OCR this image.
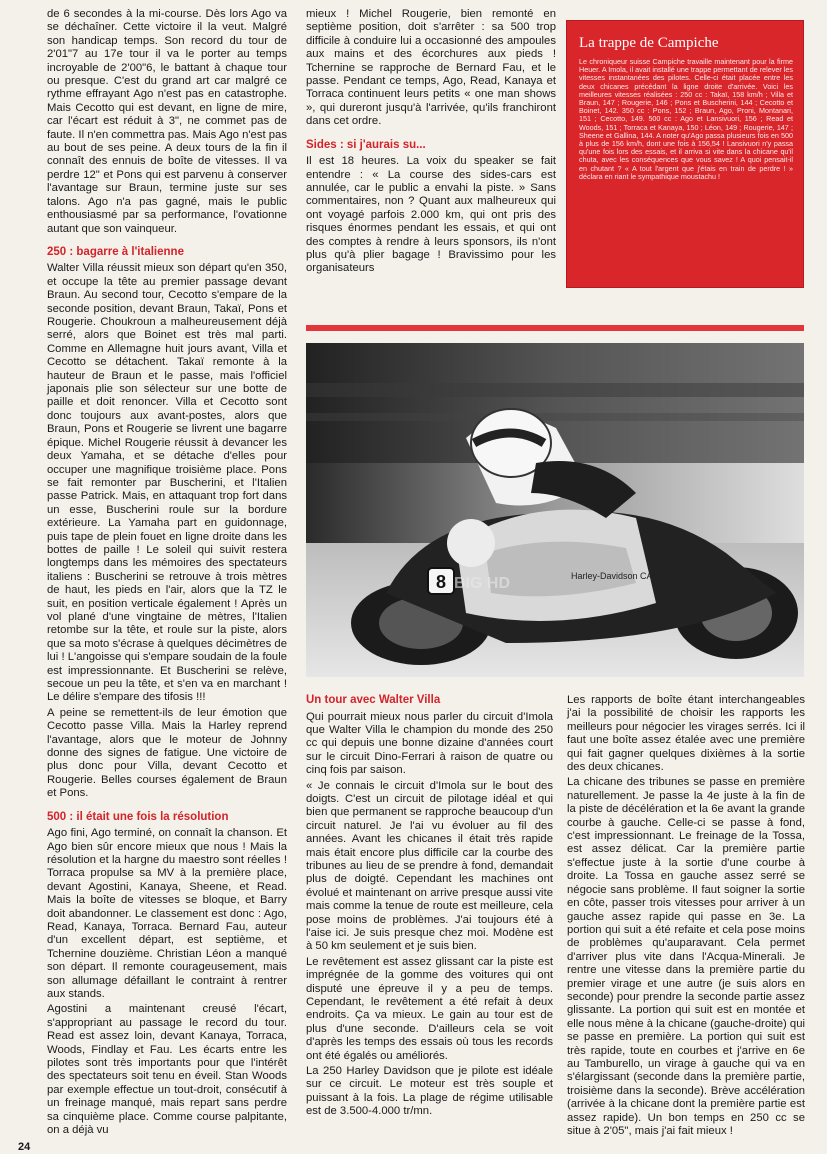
de 6 secondes à la mi-course. Dès lors Ago va se déchaîner. Cette victoire il la veut. Malgré son handicap temps. Son record du tour de 2'01"7 au 17e tour il va le porter au temps incroyable de 2'00"6, le battant à chaque tour ou presque. C'est du grand art car malgré ce rythme effrayant Ago n'est pas en catastrophe. Mais Cecotto qui est devant, en ligne de mire, car l'écart est réduit à 3", ne commet pas de faute. Il n'en commettra pas. Mais Ago n'est pas au bout de ses peine. A deux tours de la fin il connaît des ennuis de boîte de vitesses. Il va perdre 12" et Pons qui est parvenu à conserver l'avantage sur Braun, termine juste sur ses talons. Ago n'a pas gagné, mais le public enthousiasmé par sa performance, l'ovationne autant que son vainqueur.

250 : bagarre à l'italienne

Walter Villa réussit mieux son départ qu'en 350, et occupe la tête au premier passage devant Braun. Au second tour, Cecotto s'empare de la seconde position, devant Braun, Takaï, Pons et Rougerie. Choukroun a malheureusement déjà serré, alors que Boinet est très mal parti. Comme en Allemagne huit jours avant, Villa et Cecotto se détachent. Takaï remonte à la hauteur de Braun et le passe, mais l'officiel japonais plie son sélecteur sur une botte de paille et doit renoncer. Villa et Cecotto sont donc toujours aux avant-postes, alors que Braun, Pons et Rougerie se livrent une bagarre épique. Michel Rougerie réussit à devancer les deux Yamaha, et se détache d'elles pour occuper une magnifique troisième place. Pons se fait remonter par Buscherini, et l'Italien passe Patrick. Mais, en attaquant trop fort dans un esse, Buscherini roule sur la bordure extérieure. La Yamaha part en guidonnage, puis tape de plein fouet en ligne droite dans les bottes de paille ! Le soleil qui suivit restera longtemps dans les mémoires des spectateurs italiens : Buscherini se retrouve à trois mètres de haut, les pieds en l'air, alors que la TZ le suit, en position verticale également ! Après un vol plané d'une vingtaine de mètres, l'Italien retombe sur la tête, et roule sur la piste, alors que sa moto s'écrase à quelques décimètres de lui ! L'angoisse qui s'empare soudain de la foule est impressionnante. Et Buscherini se relève, secoue un peu la tête, et s'en va en marchant ! Le délire s'empare des tifosis !!!

A peine se remettent-ils de leur émotion que Cecotto passe Villa. Mais la Harley reprend l'avantage, alors que le moteur de Johnny donne des signes de fatigue. Une victoire de plus donc pour Villa, devant Cecotto et Rougerie. Belles courses également de Braun et Pons.

500 : il était une fois la résolution

Ago fini, Ago terminé, on connaît la chanson. Et Ago bien sûr encore mieux que nous ! Mais la résolution et la hargne du maestro sont réelles ! Torraca propulse sa MV à la première place, devant Agostini, Kanaya, Sheene, et Read. Mais la boîte de vitesses se bloque, et Barry doit abandonner. Le classement est donc : Ago, Read, Kanaya, Torraca. Bernard Fau, auteur d'un excellent départ, est septième, et Tchernine douzième. Christian Léon a manqué son départ. Il remonte courageusement, mais son allumage défaillant le contraint à rentrer aux stands.

Agostini a maintenant creusé l'écart, s'appropriant au passage le record du tour. Read est assez loin, devant Kanaya, Torraca, Woods, Findlay et Fau. Les écarts entre les pilotes sont très importants pour que l'intérêt des spectateurs soit tenu en éveil. Stan Woods par exemple effectue un tout-droit, consécutif à un freinage manqué, mais repart sans perdre sa cinquième place. Comme course palpitante, on a déjà vu

mieux ! Michel Rougerie, bien remonté en septième position, doit s'arrêter : sa 500 trop difficile à conduire lui a occasionné des ampoules aux mains et des écorchures aux pieds ! Tchernine se rapproche de Bernard Fau, et le passe. Pendant ce temps, Ago, Read, Kanaya et Torraca continuent leurs petits « one man shows », qui dureront jusqu'à l'arrivée, qu'ils franchiront dans cet ordre.

Sides : si j'aurais su...

Il est 18 heures. La voix du speaker se fait entendre : « La course des sides-cars est annulée, car le public a envahi la piste. » Sans commentaires, non ? Quant aux malheureux qui ont voyagé parfois 2.000 km, qui ont pris des risques énormes pendant les essais, et qui ont des comptes à rendre à leurs sponsors, ils n'ont plus qu'à plier bagage ! Bravissimo pour les organisateurs

La trappe de Campiche
Le chroniqueur suisse Campiche travaille maintenant pour la firme Heuer. A Imola, il avait installé une trappe permettant de relever les vitesses instantanées des pilotes. Celle-ci était placée entre les deux chicanes précédant la ligne droite d'arrivée. Voici les meilleures vitesses réalisées : 250 cc : Takaï, 158 km/h ; Villa et Braun, 147 ; Rougerie, 146 ; Pons et Buscherini, 144 ; Cecotto et Boinet, 142. 350 cc : Pons, 152 ; Braun, Ago, Proni, Montanari, 151 ; Cecotto, 149. 500 cc : Ago et Lansivuori, 156 ; Read et Woods, 151 ; Torraca et Kanaya, 150 ; Léon, 149 ; Rougerie, 147 ; Sheene et Gallina, 144. A noter qu'Ago passa plusieurs fois en 500 à plus de 156 km/h, dont une fois à 156,54 ! Lansivuori n'y passa qu'une fois lors des essais, et il arriva si vite dans la chicane qu'il chuta, avec les conséquences que vous savez ! A quoi pensait-il en chutant ? « A tout l'argent que j'étais en train de perdre ! » déclara en riant le sympathique moustachu !
8	Harley-Davidson CAMPAGNOLO
BIG HD
Un tour avec Walter Villa

Qui pourrait mieux nous parler du circuit d'Imola que Walter Villa le champion du monde des 250 cc qui depuis une bonne dizaine d'années court sur le circuit Dino-Ferrari à raison de quatre ou cinq fois par saison.

« Je connais le circuit d'Imola sur le bout des doigts. C'est un circuit de pilotage idéal et qui bien que permanent se rapproche beaucoup d'un circuit naturel. Je l'ai vu évoluer au fil des années. Avant les chicanes il était très rapide mais était encore plus difficile car la courbe des tribunes au lieu de se prendre à fond, demandait plus de doigté. Cependant les machines ont évolué et maintenant on arrive presque aussi vite mais comme la tenue de route est meilleure, cela pose moins de problèmes. J'ai toujours été à l'aise ici. Je suis presque chez moi. Modène est à 50 km seulement et je suis bien.

Le revêtement est assez glissant car la piste est imprégnée de la gomme des voitures qui ont disputé une épreuve il y a peu de temps. Cependant, le revêtement a été refait à deux endroits. Ça va mieux. Le gain au tour est de plus d'une seconde. D'ailleurs cela se voit d'après les temps des essais où tous les records ont été égalés ou améliorés.

La 250 Harley Davidson que je pilote est idéale sur ce circuit. Le moteur est très souple et puissant à la fois. La plage de régime utilisable est de 3.500-4.000 tr/mn.

Les rapports de boîte étant interchangeables j'ai la possibilité de choisir les rapports les meilleurs pour négocier les virages serrés. Ici il faut une boîte assez étalée avec une première qui fait gagner quelques dixièmes à la sortie des deux chicanes.

La chicane des tribunes se passe en première naturellement. Je passe la 4e juste à la fin de la piste de décélération et la 6e avant la grande courbe à gauche. Celle-ci se passe à fond, c'est impressionnant. Le freinage de la Tossa, est assez délicat. Car la première partie s'effectue juste à la sortie d'une courbe à droite. La Tossa en gauche assez serré se négocie sans problème. Il faut soigner la sortie en côte, passer trois vitesses pour arriver à un gauche assez rapide qui passe en 3e. La portion qui suit a été refaite et cela pose moins de problèmes qu'auparavant. Cela permet d'arriver plus vite dans l'Acqua-Minerali. Je rentre une vitesse dans la première partie du premier virage et une autre (je suis alors en seconde) pour prendre la seconde partie assez glissante. La portion qui suit est en montée et elle nous mène à la chicane (gauche-droite) qui se passe en première. La portion qui suit est très rapide, toute en courbes et j'arrive en 6e au Tamburello, un virage à gauche qui va en s'élargissant (seconde dans la première partie, troisième dans la seconde). Brève accélération (arrivée à la chicane dont la première partie est assez rapide). Un bon temps en 250 cc se situe à 2'05", mais j'ai fait mieux !

24
